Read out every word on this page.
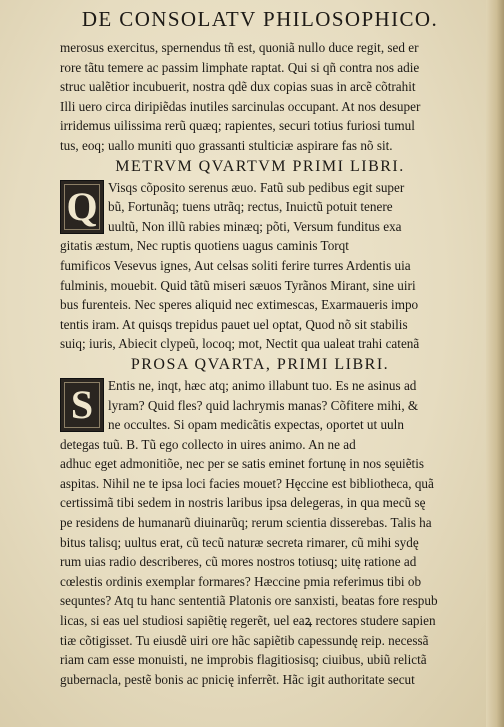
DE CONSOLATV PHILOSOPHICO.
merosus exercitus, spernendus tñ est, quoniã nullo duce regit, sed er
rore tãtu temere ac passim limphate raptat. Qui si qñ contra nos adie
struc ualẽtior incubuerit, nostra qdẽ dux copias suas in arcẽ cõtrahit
Illi uero circa diripiẽdas inutiles sarcinulas occupant. At nos desuper
irridemus uilissima rerũ quæq; rapientes, securi totius furiosi tumul
tus, eoq; uallo muniti quo grassanti stulticiæ aspirare fas nõ sit.
METRVM QVARTVM PRIMI LIBRI.
Q Visqs cõposito serenus æuo. Fatũ sub pedibus egit super
bũ, Fortunãq; tuens utrãq; rectus, Inuictũ potuit tenere
uultũ, Non illũ rabies minæq; põti, Versum funditus exa
gitatis æstum, Nec ruptis quotiens uagus caminis Torqt
fumificos Vesevus ignes, Aut celsas soliti ferire turres Ardentis uia
fulminis, mouebit. Quid tãtũ miseri sæuos Tyrãnos Mirant, sine uiri
bus furenteis. Nec speres aliquid nec extimescas, Exarmaueris impo
tentis iram. At quisqs trepidus pauet uel optat, Quod nõ sit stabilis
suiq; iuris, Abiecit clypeũ, locoq; mot, Nectit qua ualeat trahi catenã
PROSA QVARTA, PRIMI LIBRI.
S	Entis ne, inqt, hæc atq; animo illabunt tuo. Es ne asinus ad
lyram? Quid fles? quid lachrymis manas? Cõfitere mihi, &
ne occultes. Si opam medicãtis expectas, oportet ut uuln
detegas tuũ. B. Tũ ego collecto in uires animo. An ne ad
adhuc eget admonitiõe, nec per se satis eminet fortunę in nos sęuiẽtis
aspitas. Nihil ne te ipsa loci facies mouet? Hęccine est bibliotheca, quã
certissimã tibi sedem in nostris laribus ipsa delegeras, in qua mecũ sę
pe residens de humanarũ diuinarũq; rerum scientia disserebas. Talis ha
bitus talisq; uultus erat, cũ tecũ naturæ secreta rimarer, cũ mihi sydę
rum uias radio describeres, cũ mores nostros totiusq; uitę ratione ad
cœlestis ordinis exemplar formares? Hæccine pmia referimus tibi ob
sequntes? Atq tu hanc sententiã Platonis ore sanxisti, beatas fore respub
licas, si eas uel studiosi sapiẽtię regerẽt, uel eaꝝ rectores studere sapien
tiæ cõtigisset. Tu eiusdẽ uiri ore hãc sapiẽtib capessundę reip. necessã
riam cam esse monuisti, ne improbis flagitiosisq; ciuibus, ubiũ relictã
gubernacla, pestẽ bonis ac pnicię inferrẽt. Hãc igit authoritate secut
